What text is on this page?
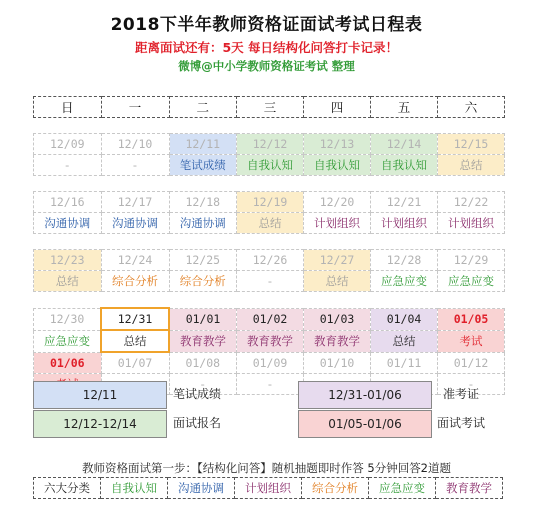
2018下半年教师资格证面试考试日程表
距离面试还有：5天 每日结构化问答打卡记录！
微博@中小学教师资格证考试 整理
日	一	二	三	四	五	六

12/09	12/10	12/11	12/12	12/13	12/14	12/15
-	-	笔试成绩	自我认知	自我认知	自我认知	总结

12/16	12/17	12/18	12/19	12/20	12/21	12/22
沟通协调	沟通协调	沟通协调	总结	计划组织	计划组织	计划组织

12/23	12/24	12/25	12/26	12/27	12/28	12/29
总结	综合分析	综合分析	-	总结	应急应变	应急应变

12/30	12/31	01/01	01/02	01/03	01/04	01/05
应急应变	总结	教育教学	教育教学	教育教学	总结	考试
01/06	01/07	01/08	01/09	01/10	01/11	01/12
		-	-			-
12/11	笔试成绩
12/12-12/14	面试报名
12/31-01/06	准考证
01/05-01/06	面试考试
教师资格面试第一步：【结构化问答】随机抽题即时作答 5分钟回答2道题
六大分类	自我认知	沟通协调	计划组织	综合分析	应急应变	教育教学
